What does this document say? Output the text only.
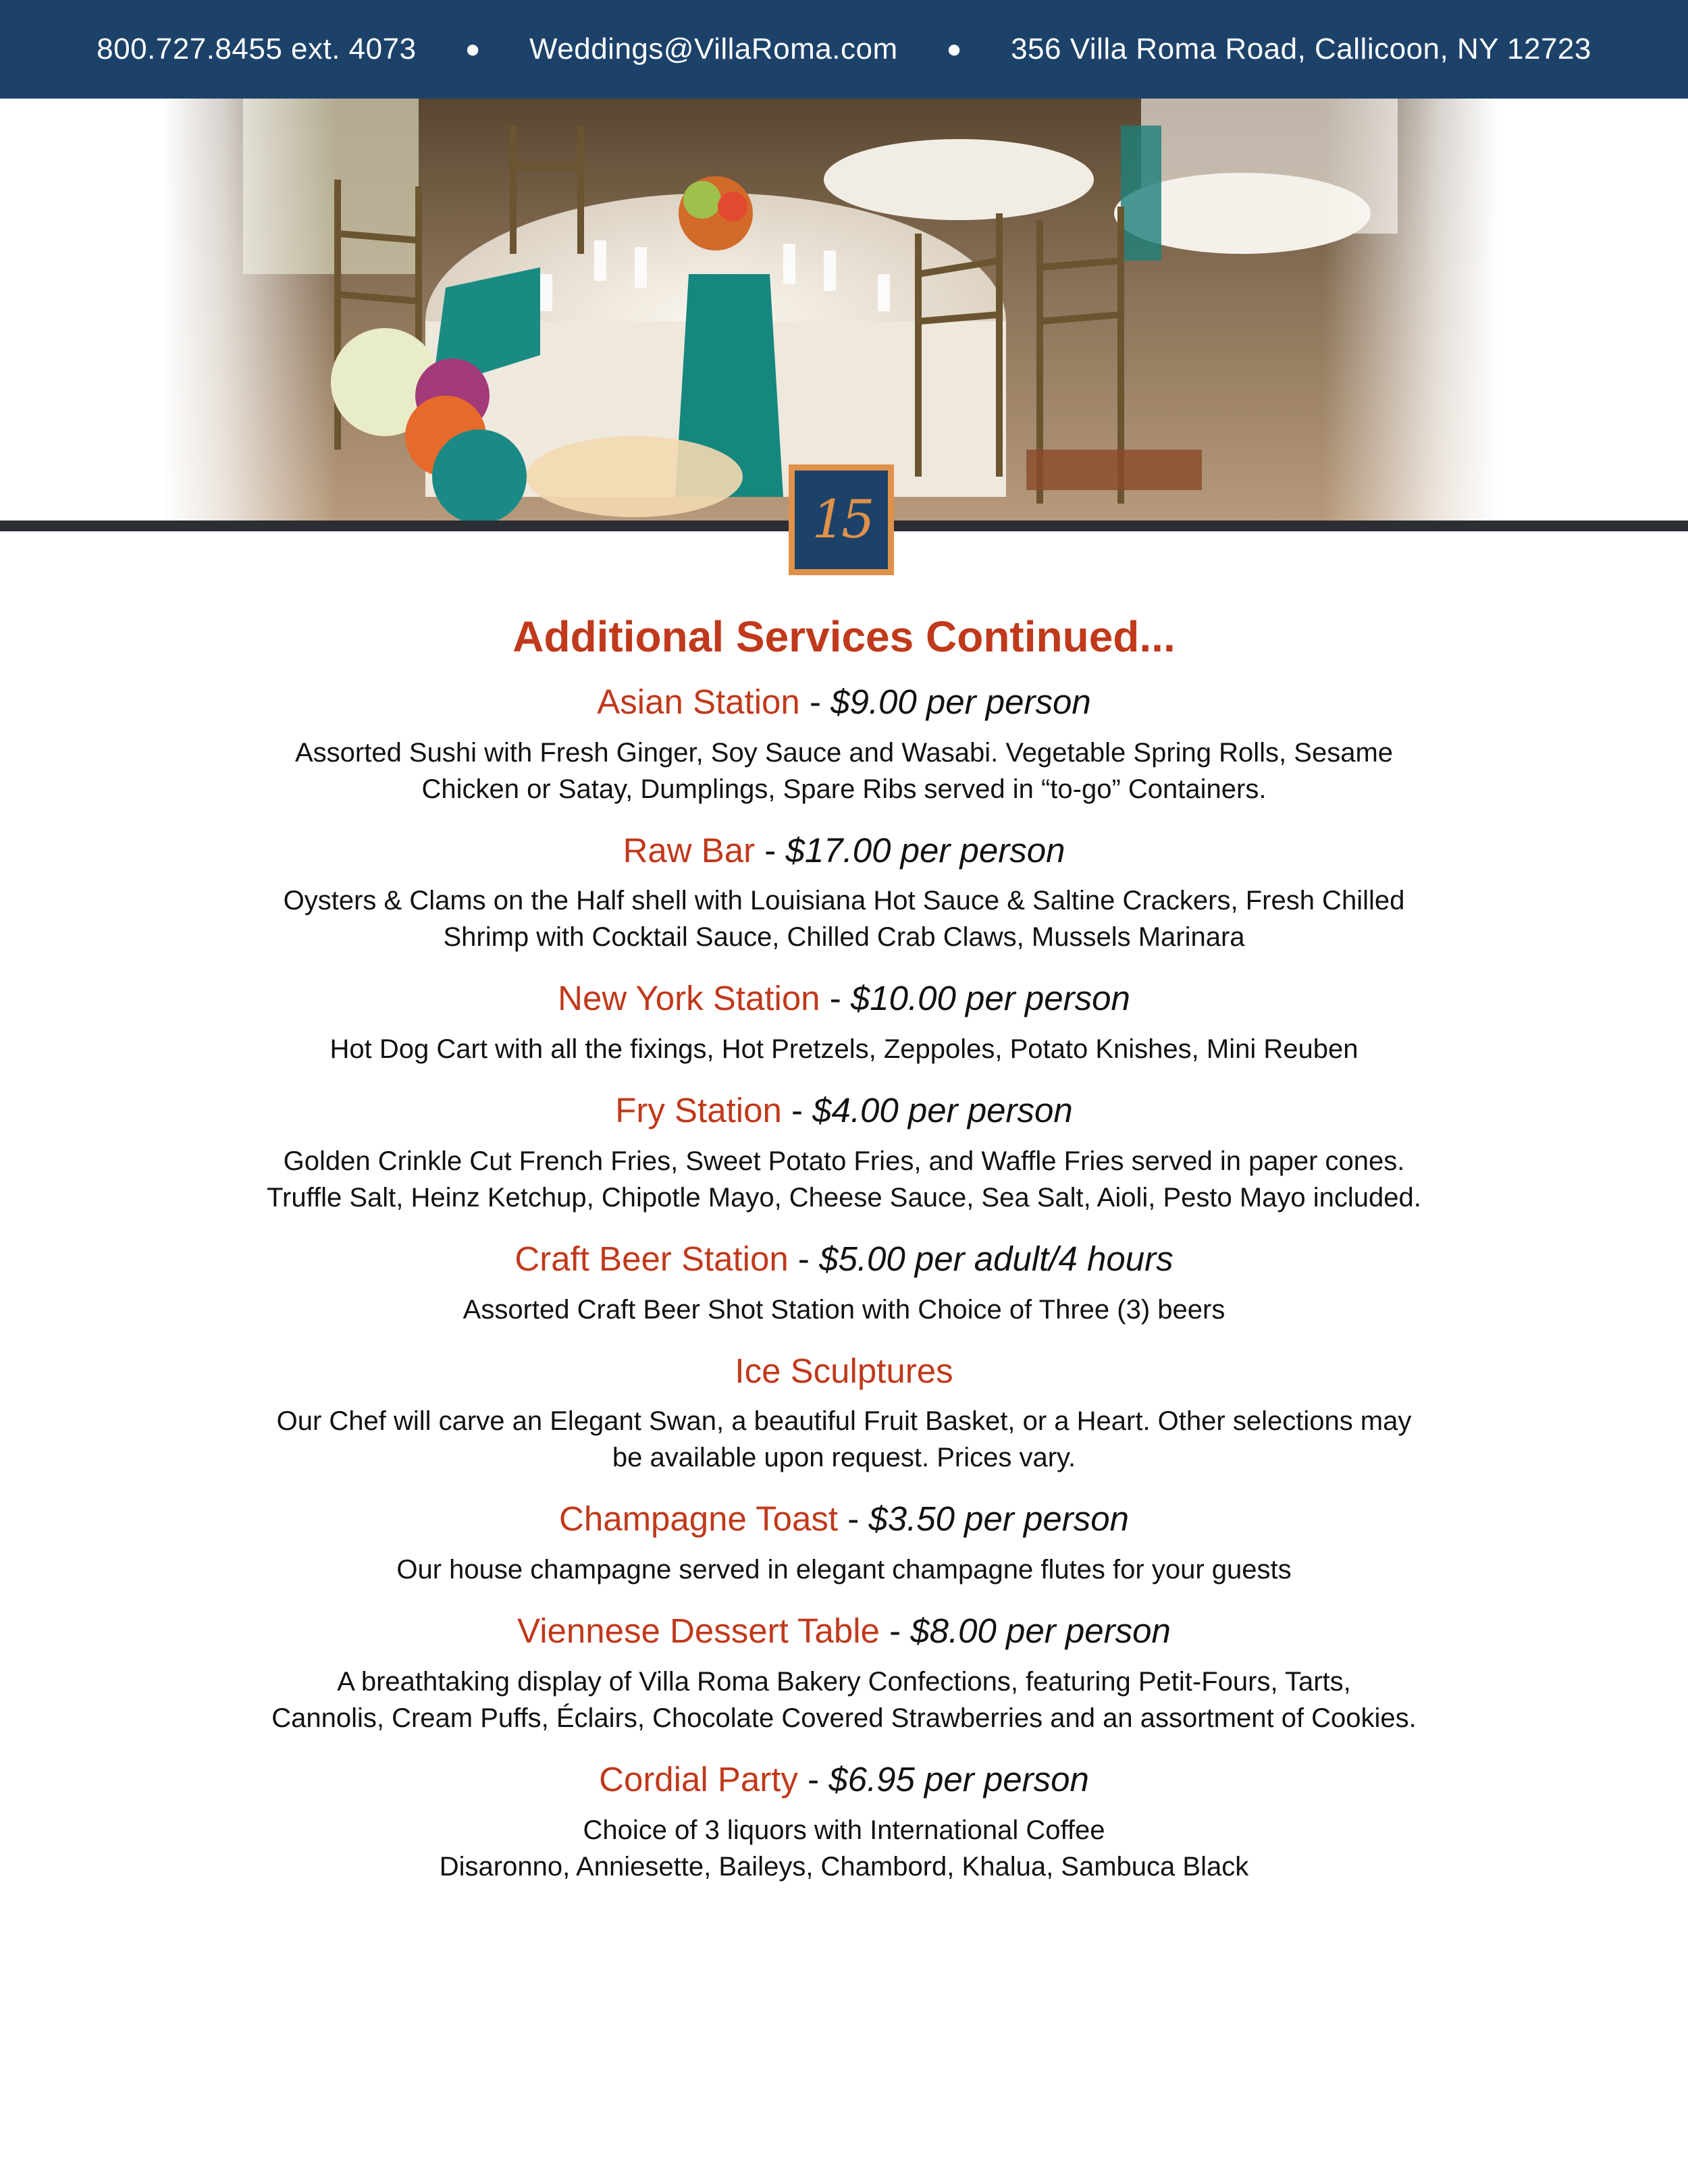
800.727.8455 ext. 4073 ● Weddings@VillaRoma.com ● 356 Villa Roma Road, Callicoon, NY 12723
15
Additional Services Continued...
Asian Station - $9.00 per person
Assorted Sushi with Fresh Ginger, Soy Sauce and Wasabi. Vegetable Spring Rolls, Sesame
Chicken or Satay, Dumplings, Spare Ribs served in “to-go” Containers.
Raw Bar - $17.00 per person
Oysters & Clams on the Half shell with Louisiana Hot Sauce & Saltine Crackers, Fresh Chilled
Shrimp with Cocktail Sauce, Chilled Crab Claws, Mussels Marinara
New York Station - $10.00 per person
Hot Dog Cart with all the fixings, Hot Pretzels, Zeppoles, Potato Knishes, Mini Reuben
Fry Station - $4.00 per person
Golden Crinkle Cut French Fries, Sweet Potato Fries, and Waffle Fries served in paper cones.
Truffle Salt, Heinz Ketchup, Chipotle Mayo, Cheese Sauce, Sea Salt, Aioli, Pesto Mayo included.
Craft Beer Station - $5.00 per adult/4 hours
Assorted Craft Beer Shot Station with Choice of Three (3) beers
Ice Sculptures
Our Chef will carve an Elegant Swan, a beautiful Fruit Basket, or a Heart. Other selections may
be available upon request. Prices vary.
Champagne Toast - $3.50 per person
Our house champagne served in elegant champagne flutes for your guests
Viennese Dessert Table - $8.00 per person
A breathtaking display of Villa Roma Bakery Confections, featuring Petit-Fours, Tarts,
Cannolis, Cream Puffs, Éclairs, Chocolate Covered Strawberries and an assortment of Cookies.
Cordial Party - $6.95 per person
Choice of 3 liquors with International Coffee
Disaronno, Anniesette, Baileys, Chambord, Khalua, Sambuca Black
